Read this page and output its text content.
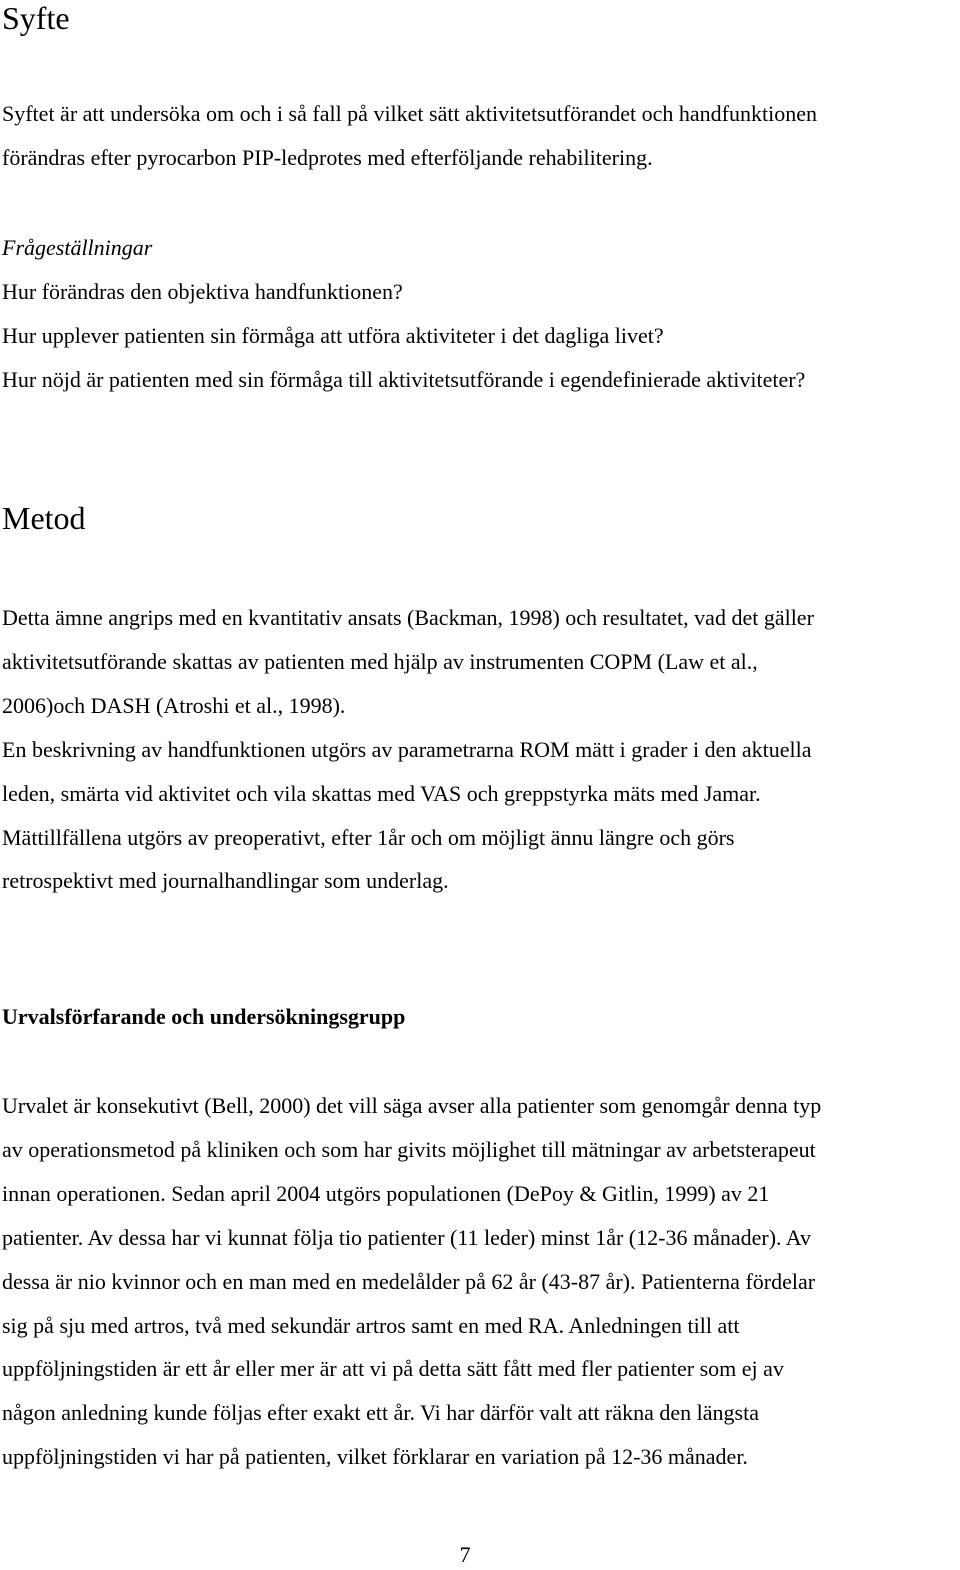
Syfte
Syftet är att undersöka om och i så fall på vilket sätt aktivitetsutförandet och handfunktionen
förändras efter pyrocarbon PIP-ledprotes med efterföljande rehabilitering.
Frågeställningar
Hur förändras den objektiva handfunktionen?
Hur upplever patienten sin förmåga att utföra aktiviteter i det dagliga livet?
Hur nöjd är patienten med sin förmåga till aktivitetsutförande i egendefinierade aktiviteter?
Metod
Detta ämne angrips med en kvantitativ ansats (Backman, 1998) och resultatet, vad det gäller
aktivitetsutförande skattas av patienten med hjälp av instrumenten COPM (Law et al.,
2006)och DASH (Atroshi et al., 1998).
En beskrivning av handfunktionen utgörs av parametrarna ROM mätt i grader i den aktuella
leden, smärta vid aktivitet och vila skattas med VAS och greppstyrka mäts med Jamar.
Mättillfällena utgörs av preoperativt, efter 1år och om möjligt ännu längre och görs
retrospektivt med journalhandlingar som underlag.
Urvalsförfarande och undersökningsgrupp
Urvalet är konsekutivt (Bell, 2000) det vill säga avser alla patienter som genomgår denna typ
av operationsmetod på kliniken och som har givits möjlighet till mätningar av arbetsterapeut
innan operationen. Sedan april 2004 utgörs populationen (DePoy & Gitlin, 1999) av 21
patienter. Av dessa har vi kunnat följa tio patienter (11 leder) minst 1år (12-36 månader). Av
dessa är nio kvinnor och en man med en medelålder på 62 år (43-87 år). Patienterna fördelar
sig på sju med artros, två med sekundär artros samt en med RA. Anledningen till att
uppföljningstiden är ett år eller mer är att vi på detta sätt fått med fler patienter som ej av
någon anledning kunde följas efter exakt ett år. Vi har därför valt att räkna den längsta
uppföljningstiden vi har på patienten, vilket förklarar en variation på 12-36 månader.
7
